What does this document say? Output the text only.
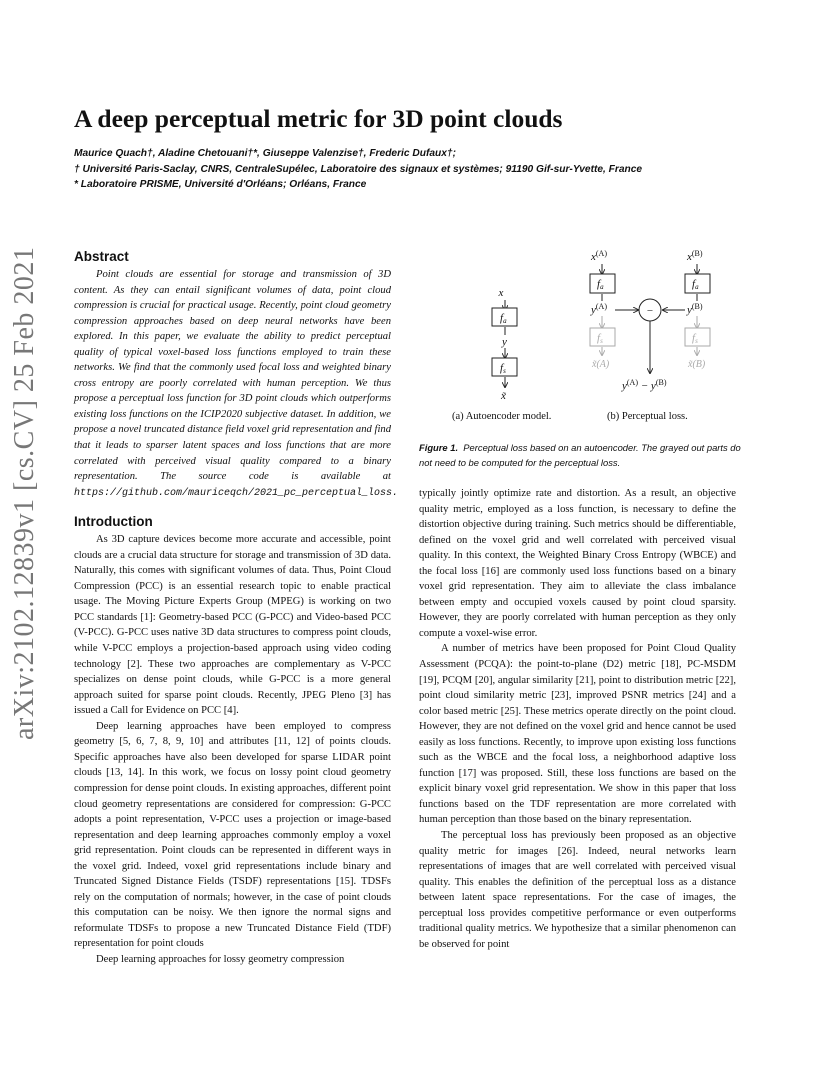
arXiv:2102.12839v1 [cs.CV] 25 Feb 2021
A deep perceptual metric for 3D point clouds
Maurice Quach†, Aladine Chetouani†*, Giuseppe Valenzise†, Frederic Dufaux†;
† Université Paris-Saclay, CNRS, CentraleSupélec, Laboratoire des signaux et systèmes; 91190 Gif-sur-Yvette, France
* Laboratoire PRISME, Université d'Orléans; Orléans, France
Abstract

Point clouds are essential for storage and transmission of 3D content. As they can entail significant volumes of data, point cloud compression is crucial for practical usage. Recently, point cloud geometry compression approaches based on deep neural networks have been explored. In this paper, we evaluate the ability to predict perceptual quality of typical voxel-based loss functions employed to train these networks. We find that the commonly used focal loss and weighted binary cross entropy are poorly correlated with human perception. We thus propose a perceptual loss function for 3D point clouds which outperforms existing loss functions on the ICIP2020 subjective dataset. In addition, we propose a novel truncated distance field voxel grid representation and find that it leads to sparser latent spaces and loss functions that are more correlated with perceived visual quality compared to a binary representation. The source code is available at https://github.com/mauriceqch/2021_pc_perceptual_loss.

Introduction

As 3D capture devices become more accurate and accessible, point clouds are a crucial data structure for storage and transmission of 3D data. Naturally, this comes with significant volumes of data. Thus, Point Cloud Compression (PCC) is an essential research topic to enable practical usage. The Moving Picture Experts Group (MPEG) is working on two PCC standards [1]: Geometry-based PCC (G-PCC) and Video-based PCC (V-PCC). G-PCC uses native 3D data structures to compress point clouds, while V-PCC employs a projection-based approach using video coding technology [2]. These two approaches are complementary as V-PCC specializes on dense point clouds, while G-PCC is a more general approach suited for sparse point clouds. Recently, JPEG Pleno [3] has issued a Call for Evidence on PCC [4].

Deep learning approaches have been employed to compress geometry [5, 6, 7, 8, 9, 10] and attributes [11, 12] of points clouds. Specific approaches have also been developed for sparse LIDAR point clouds [13, 14]. In this work, we focus on lossy point cloud geometry compression for dense point clouds. In existing approaches, different point cloud geometry representations are considered for compression: G-PCC adopts a point representation, V-PCC uses a projection or image-based representation and deep learning approaches commonly employ a voxel grid representation. Point clouds can be represented in different ways in the voxel grid. Indeed, voxel grid representations include binary and Truncated Signed Distance Fields (TSDF) representations [15]. TDSFs rely on the computation of normals; however, in the case of point clouds this computation can be noisy. We then ignore the normal signs and reformulate TDSFs to propose a new Truncated Distance Field (TDF) representation for point clouds

Deep learning approaches for lossy geometry compression

x
fa
y
fs
x̃
$x^{(A)}$
fa
$y^{(A)}$
fs
x̃(A)
−
$y^{(A)} - y^{(B)}$
$x^{(B)}$
fa
$y^{(B)}$
fs
x̃(B)
(a) Autoencoder model.	(b) Perceptual loss.
Figure 1. Perceptual loss based on an autoencoder. The grayed out parts do not need to be computed for the perceptual loss.

typically jointly optimize rate and distortion. As a result, an objective quality metric, employed as a loss function, is necessary to define the distortion objective during training. Such metrics should be differentiable, defined on the voxel grid and well correlated with perceived visual quality. In this context, the Weighted Binary Cross Entropy (WBCE) and the focal loss [16] are commonly used loss functions based on a binary voxel grid representation. They aim to alleviate the class imbalance between empty and occupied voxels caused by point cloud sparsity. However, they are poorly correlated with human perception as they only compute a voxel-wise error.

A number of metrics have been proposed for Point Cloud Quality Assessment (PCQA): the point-to-plane (D2) metric [18], PC-MSDM [19], PCQM [20], angular similarity [21], point to distribution metric [22], point cloud similarity metric [23], improved PSNR metrics [24] and a color based metric [25]. These metrics operate directly on the point cloud. However, they are not defined on the voxel grid and hence cannot be used easily as loss functions. Recently, to improve upon existing loss functions such as the WBCE and the focal loss, a neighborhood adaptive loss function [17] was proposed. Still, these loss functions are based on the explicit binary voxel grid representation. We show in this paper that loss functions based on the TDF representation are more correlated with human perception than those based on the binary representation.

The perceptual loss has previously been proposed as an objective quality metric for images [26]. Indeed, neural networks learn representations of images that are well correlated with perceived visual quality. This enables the definition of the perceptual loss as a distance between latent space representations. For the case of images, the perceptual loss provides competitive performance or even outperforms traditional quality metrics. We hypothesize that a similar phenomenon can be observed for point
